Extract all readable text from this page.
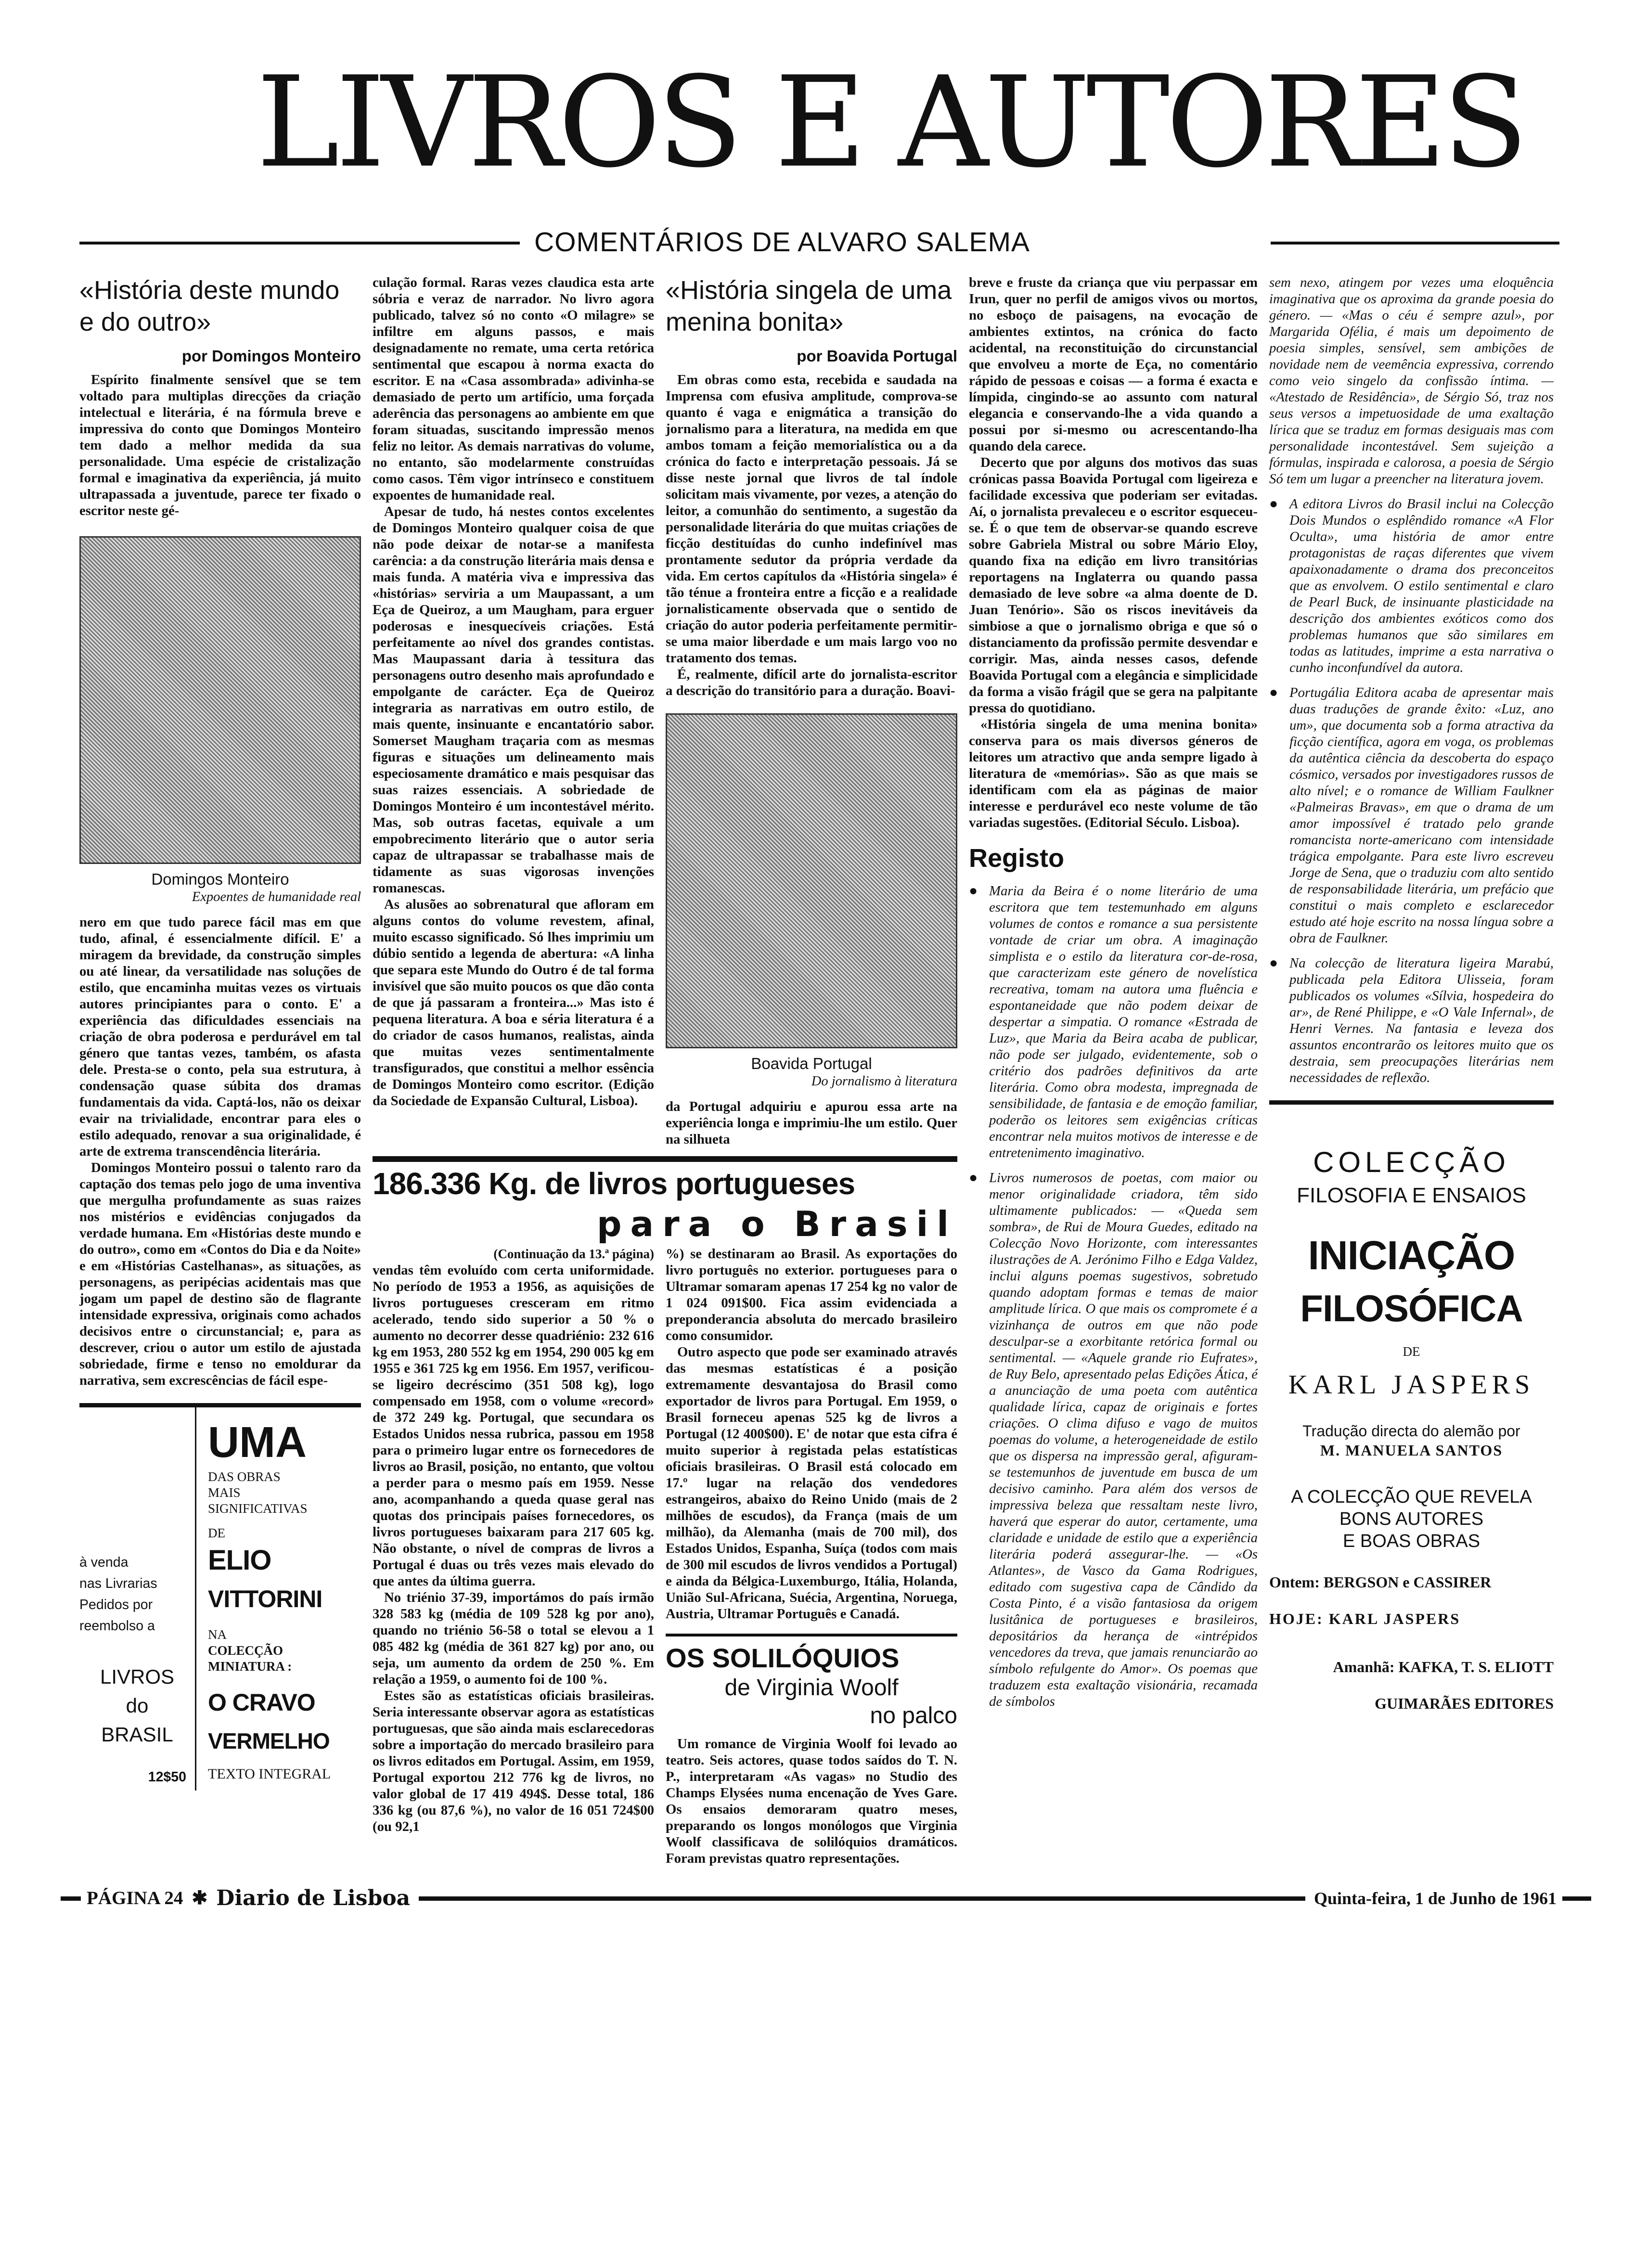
LIVROS E AUTORES
COMENTÁRIOS DE ALVARO SALEMA
«História deste mundo e do outro»
por Domingos Monteiro

Espírito finalmente sensível que se tem voltado para multiplas direcções da criação intelectual e literária, é na fórmula breve e impressiva do conto que Domingos Monteiro tem dado a melhor medida da sua personalidade. Uma espécie de cristalização formal e imaginativa da experiência, já muito ultrapassada a juventude, parece ter fixado o escritor neste gé-

Domingos Monteiro
Expoentes de humanidade real

nero em que tudo parece fácil mas em que tudo, afinal, é essencialmente difícil. E' a miragem da brevidade, da construção simples ou até linear, da versatilidade nas soluções de estilo, que encaminha muitas vezes os virtuais autores principiantes para o conto. E' a experiência das dificuldades essenciais na criação de obra poderosa e perdurável em tal género que tantas vezes, também, os afasta dele. Presta-se o conto, pela sua estrutura, à condensação quase súbita dos dramas fundamentais da vida. Captá-los, não os deixar evair na trivialidade, encontrar para eles o estilo adequado, renovar a sua originalidade, é arte de extrema transcendência literária.

Domingos Monteiro possui o talento raro da captação dos temas pelo jogo de uma inventiva que mergulha profundamente as suas raizes nos mistérios e evidências conjugados da verdade humana. Em «Histórias deste mundo e do outro», como em «Contos do Dia e da Noite» e em «Histórias Castelhanas», as situações, as personagens, as peripécias acidentais mas que jogam um papel de destino são de flagrante intensidade expressiva, originais como achados decisivos entre o circunstancial; e, para as descrever, criou o autor um estilo de ajustada sobriedade, firme e tenso no emoldurar da narrativa, sem excrescências de fácil espe-

à venda
nas Livrarias
Pedidos por
reembolso a
LIVROS
do
BRASIL
12$50
UMA
DAS OBRAS
MAIS
SIGNIFICATIVAS
DE
ELIO
VITTORINI
NA
COLECÇÃO
MINIATURA :
O CRAVO
VERMELHO
TEXTO INTEGRAL

culação formal. Raras vezes claudica esta arte sóbria e veraz de narrador. No livro agora publicado, talvez só no conto «O milagre» se infiltre em alguns passos, e mais designadamente no remate, uma certa retórica sentimental que escapou à norma exacta do escritor. E na «Casa assombrada» adivinha-se demasiado de perto um artifício, uma forçada aderência das personagens ao ambiente em que foram situadas, suscitando impressão menos feliz no leitor. As demais narrativas do volume, no entanto, são modelarmente construídas como casos. Têm vigor intrínseco e constituem expoentes de humanidade real.

Apesar de tudo, há nestes contos excelentes de Domingos Monteiro qualquer coisa de que não pode deixar de notar-se a manifesta carência: a da construção literária mais densa e mais funda. A matéria viva e impressiva das «histórias» serviria a um Maupassant, a um Eça de Queiroz, a um Maugham, para erguer poderosas e inesquecíveis criações. Está perfeitamente ao nível dos grandes contistas. Mas Maupassant daria à tessitura das personagens outro desenho mais aprofundado e empolgante de carácter. Eça de Queiroz integraria as narrativas em outro estilo, de mais quente, insinuante e encantatório sabor. Somerset Maugham traçaria com as mesmas figuras e situações um delineamento mais especiosamente dramático e mais pesquisar das suas raizes essenciais. A sobriedade de Domingos Monteiro é um incontestável mérito. Mas, sob outras facetas, equivale a um empobrecimento literário que o autor seria capaz de ultrapassar se trabalhasse mais de tidamente as suas vigorosas invenções romanescas.

As alusões ao sobrenatural que afloram em alguns contos do volume revestem, afinal, muito escasso significado. Só lhes imprimiu um dúbio sentido a legenda de abertura: «A linha que separa este Mundo do Outro é de tal forma invisível que são muito poucos os que dão conta de que já passaram a fronteira...» Mas isto é pequena literatura. A boa e séria literatura é a do criador de casos humanos, realistas, ainda que muitas vezes sentimentalmente transfigurados, que constitui a melhor essência de Domingos Monteiro como escritor. (Edição da Sociedade de Expansão Cultural, Lisboa).

«História singela de uma menina bonita»
por Boavida Portugal

Em obras como esta, recebida e saudada na Imprensa com efusiva amplitude, comprova-se quanto é vaga e enigmática a transição do jornalismo para a literatura, na medida em que ambos tomam a feição memorialística ou a da crónica do facto e interpretação pessoais. Já se disse neste jornal que livros de tal índole solicitam mais vivamente, por vezes, a atenção do leitor, a comunhão do sentimento, a sugestão da personalidade literária do que muitas criações de ficção destituídas do cunho indefinível mas prontamente sedutor da própria verdade da vida. Em certos capítulos da «História singela» é tão ténue a fronteira entre a ficção e a realidade jornalisticamente observada que o sentido de criação do autor poderia perfeitamente permitir-se uma maior liberdade e um mais largo voo no tratamento dos temas.

É, realmente, difícil arte do jornalista-escritor a descrição do transitório para a duração. Boavi-

Boavida Portugal
Do jornalismo à literatura

da Portugal adquiriu e apurou essa arte na experiência longa e imprimiu-lhe um estilo. Quer na silhueta

186.336 Kg. de livros portugueses
para o Brasil
(Continuação da 13.ª página)

vendas têm evoluído com certa uniformidade. No período de 1953 a 1956, as aquisições de livros portugueses cresceram em ritmo acelerado, tendo sido superior a 50 % o aumento no decorrer desse quadriénio: 232 616 kg em 1953, 280 552 kg em 1954, 290 005 kg em 1955 e 361 725 kg em 1956. Em 1957, verificou-se ligeiro decréscimo (351 508 kg), logo compensado em 1958, com o volume «record» de 372 249 kg. Portugal, que secundara os Estados Unidos nessa rubrica, passou em 1958 para o primeiro lugar entre os fornecedores de livros ao Brasil, posição, no entanto, que voltou a perder para o mesmo país em 1959. Nesse ano, acompanhando a queda quase geral nas quotas dos principais países fornecedores, os livros portugueses baixaram para 217 605 kg. Não obstante, o nível de compras de livros a Portugal é duas ou três vezes mais elevado do que antes da última guerra.

No triénio 37-39, importámos do país irmão 328 583 kg (média de 109 528 kg por ano), quando no triénio 56-58 o total se elevou a 1 085 482 kg (média de 361 827 kg) por ano, ou seja, um aumento da ordem de 250 %. Em relação a 1959, o aumento foi de 100 %.

Estes são as estatísticas oficiais brasileiras. Seria interessante observar agora as estatísticas portuguesas, que são ainda mais esclarecedoras sobre a importação do mercado brasileiro para os livros editados em Portugal. Assim, em 1959, Portugal exportou 212 776 kg de livros, no valor global de 17 419 494$. Desse total, 186 336 kg (ou 87,6 %), no valor de 16 051 724$00 (ou 92,1

%) se destinaram ao Brasil. As exportações do livro português no exterior. portugueses para o Ultramar somaram apenas 17 254 kg no valor de 1 024 091$00. Fica assim evidenciada a preponderancia absoluta do mercado brasileiro como consumidor.

Outro aspecto que pode ser examinado através das mesmas estatísticas é a posição extremamente desvantajosa do Brasil como exportador de livros para Portugal. Em 1959, o Brasil forneceu apenas 525 kg de livros a Portugal (12 400$00). E' de notar que esta cifra é muito superior à registada pelas estatísticas oficiais brasileiras. O Brasil está colocado em 17.º lugar na relação dos vendedores estrangeiros, abaixo do Reino Unido (mais de 2 milhões de escudos), da França (mais de um milhão), da Alemanha (mais de 700 mil), dos Estados Unidos, Espanha, Suíça (todos com mais de 300 mil escudos de livros vendidos a Portugal) e ainda da Bélgica-Luxemburgo, Itália, Holanda, União Sul-Africana, Suécia, Argentina, Noruega, Austria, Ultramar Português e Canadá.

OS SOLILÓQUIOS
de Virginia Woolf
no palco

Um romance de Virginia Woolf foi levado ao teatro. Seis actores, quase todos saídos do T. N. P., interpretaram «As vagas» no Studio des Champs Elysées numa encenação de Yves Gare. Os ensaios demoraram quatro meses, preparando os longos monólogos que Virginia Woolf classificava de solilóquios dramáticos. Foram previstas quatro representações.

breve e fruste da criança que viu perpassar em Irun, quer no perfil de amigos vivos ou mortos, no esboço de paisagens, na evocação de ambientes extintos, na crónica do facto acidental, na reconstituição do circunstancial que envolveu a morte de Eça, no comentário rápido de pessoas e coisas — a forma é exacta e límpida, cingindo-se ao assunto com natural elegancia e conservando-lhe a vida quando a possui por si-mesmo ou acrescentando-lha quando dela carece.

Decerto que por alguns dos motivos das suas crónicas passa Boavida Portugal com ligeireza e facilidade excessiva que poderiam ser evitadas. Aí, o jornalista prevaleceu e o escritor esqueceu-se. É o que tem de observar-se quando escreve sobre Gabriela Mistral ou sobre Mário Eloy, quando fixa na edição em livro transitórias reportagens na Inglaterra ou quando passa demasiado de leve sobre «a alma doente de D. Juan Tenório». São os riscos inevitáveis da simbiose a que o jornalismo obriga e que só o distanciamento da profissão permite desvendar e corrigir. Mas, ainda nesses casos, defende Boavida Portugal com a elegância e simplicidade da forma a visão frágil que se gera na palpitante pressa do quotidiano.

«História singela de uma menina bonita» conserva para os mais diversos géneros de leitores um atractivo que anda sempre ligado à literatura de «memórias». São as que mais se identificam com ela as páginas de maior interesse e perdurável eco neste volume de tão variadas sugestões. (Editorial Século. Lisboa).

Registo

● Maria da Beira é o nome literário de uma escritora que tem testemunhado em alguns volumes de contos e romance a sua persistente vontade de criar um obra. A imaginação simplista e o estilo da literatura cor-de-rosa, que caracterizam este género de novelística recreativa, tomam na autora uma fluência e espontaneidade que não podem deixar de despertar a simpatia. O romance «Estrada de Luz», que Maria da Beira acaba de publicar, não pode ser julgado, evidentemente, sob o critério dos padrões definitivos da arte literária. Como obra modesta, impregnada de sensibilidade, de fantasia e de emoção familiar, poderão os leitores sem exigências críticas encontrar nela muitos motivos de interesse e de entretenimento imaginativo.

● Livros numerosos de poetas, com maior ou menor originalidade criadora, têm sido ultimamente publicados: — «Queda sem sombra», de Rui de Moura Guedes, editado na Colecção Novo Horizonte, com interessantes ilustrações de A. Jerónimo Filho e Edga Valdez, inclui alguns poemas sugestivos, sobretudo quando adoptam formas e temas de maior amplitude lírica. O que mais os compromete é a vizinhança de outros em que não pode desculpar-se a exorbitante retórica formal ou sentimental. — «Aquele grande rio Eufrates», de Ruy Belo, apresentado pelas Edições Ática, é a anunciação de uma poeta com autêntica qualidade lírica, capaz de originais e fortes criações. O clima difuso e vago de muitos poemas do volume, a heterogeneidade de estilo que os dispersa na impressão geral, afiguram-se testemunhos de juventude em busca de um decisivo caminho. Para além dos versos de impressiva beleza que ressaltam neste livro, haverá que esperar do autor, certamente, uma claridade e unidade de estilo que a experiência literária poderá assegurar-lhe. — «Os Atlantes», de Vasco da Gama Rodrigues, editado com sugestiva capa de Cândido da Costa Pinto, é a visão fantasiosa da origem lusitânica de portugueses e brasileiros, depositários da herança de «intrépidos vencedores da treva, que jamais renunciarão ao símbolo refulgente do Amor». Os poemas que traduzem esta exaltação visionária, recamada de símbolos

sem nexo, atingem por vezes uma eloquência imaginativa que os aproxima da grande poesia do género. — «Mas o céu é sempre azul», por Margarida Ofélia, é mais um depoimento de poesia simples, sensível, sem ambições de novidade nem de veemência expressiva, correndo como veio singelo da confissão íntima. — «Atestado de Residência», de Sérgio Só, traz nos seus versos a impetuosidade de uma exaltação lírica que se traduz em formas desiguais mas com personalidade incontestável. Sem sujeição a fórmulas, inspirada e calorosa, a poesia de Sérgio Só tem um lugar a preencher na literatura jovem.

● A editora Livros do Brasil inclui na Colecção Dois Mundos o esplêndido romance «A Flor Oculta», uma história de amor entre protagonistas de raças diferentes que vivem apaixonadamente o drama dos preconceitos que as envolvem. O estilo sentimental e claro de Pearl Buck, de insinuante plasticidade na descrição dos ambientes exóticos como dos problemas humanos que são similares em todas as latitudes, imprime a esta narrativa o cunho inconfundível da autora.

● Portugália Editora acaba de apresentar mais duas traduções de grande êxito: «Luz, ano um», que documenta sob a forma atractiva da ficção científica, agora em voga, os problemas da autêntica ciência da descoberta do espaço cósmico, versados por investigadores russos de alto nível; e o romance de William Faulkner «Palmeiras Bravas», em que o drama de um amor impossível é tratado pelo grande romancista norte-americano com intensidade trágica empolgante. Para este livro escreveu Jorge de Sena, que o traduziu com alto sentido de responsabilidade literária, um prefácio que constitui o mais completo e esclarecedor estudo até hoje escrito na nossa língua sobre a obra de Faulkner.

● Na colecção de literatura ligeira Marabú, publicada pela Editora Ulisseia, foram publicados os volumes «Sílvia, hospedeira do ar», de René Philippe, e «O Vale Infernal», de Henri Vernes. Na fantasia e leveza dos assuntos encontrarão os leitores muito que os destraia, sem preocupações literárias nem necessidades de reflexão.

COLECÇÃO
FILOSOFIA E ENSAIOS
INICIAÇÃO
FILOSÓFICA
DE
KARL JASPERS
Tradução directa do alemão por
M. MANUELA SANTOS
A COLECÇÃO QUE REVELA
BONS AUTORES
E BOAS OBRAS
Ontem: BERGSON e CASSIRER
HOJE: KARL JASPERS
Amanhã: KAFKA, T. S. ELIOTT
GUIMARÃES EDITORES
PÁGINA 24 ✱ Diario de Lisboa	Quinta-feira, 1 de Junho de 1961
